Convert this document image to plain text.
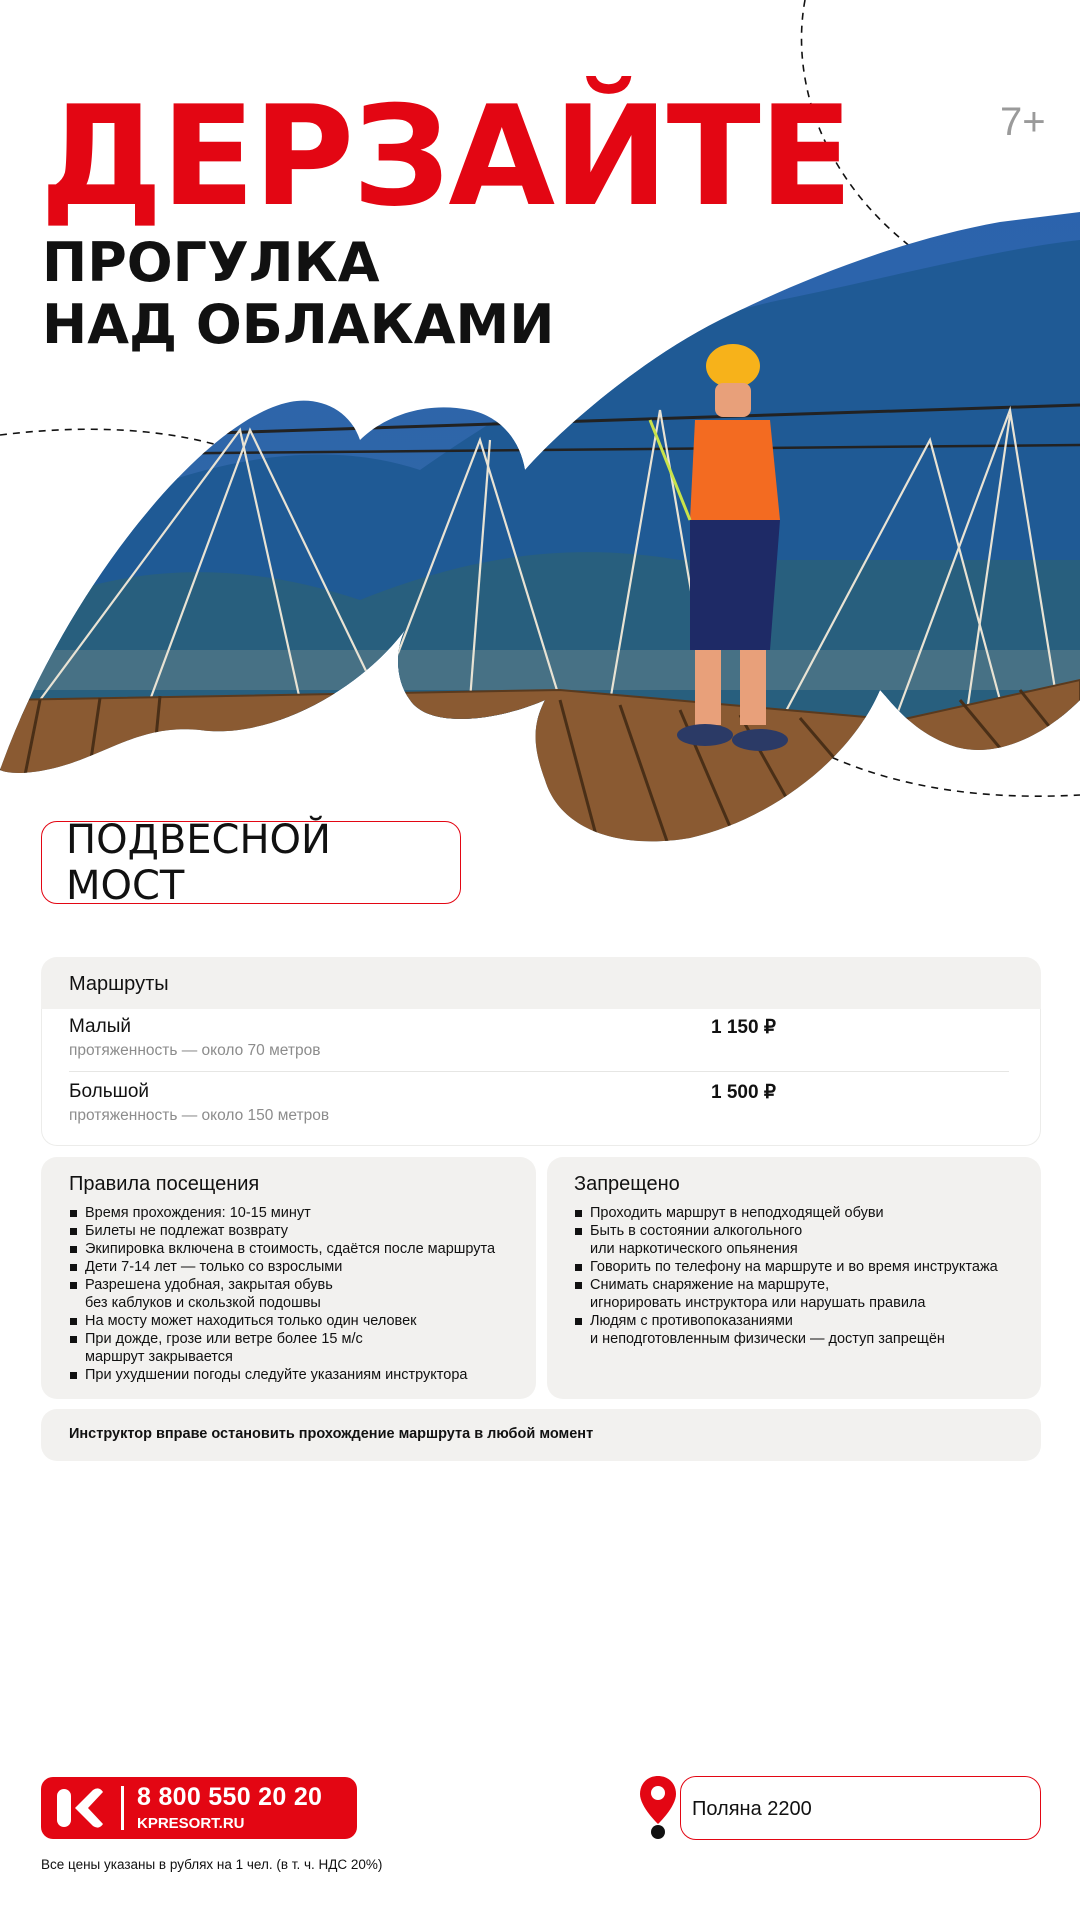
ДЕРЗАЙТЕ
ПРОГУЛКА
НАД ОБЛАКАМИ
7+
ПОДВЕСНОЙ МОСТ
Маршруты
Малый
протяженность — около 70 метров
1 150 ₽
Большой
протяженность — около 150 метров
1 500 ₽
Правила посещения
Время прохождения: 10-15 минут
Билеты не подлежат возврату
Экипировка включена в стоимость, сдаётся после маршрута
Дети 7-14 лет — только со взрослыми
Разрешена удобная, закрытая обувь
без каблуков и скользкой подошвы
На мосту может находиться только один человек
При дожде, грозе или ветре более 15 м/с
маршрут закрывается
При ухудшении погоды следуйте указаниям инструктора
Запрещено
Проходить маршрут в неподходящей обуви
Быть в состоянии алкогольного
или наркотического опьянения
Говорить по телефону на маршруте и во время инструктажа
Снимать снаряжение на маршруте,
игнорировать инструктора или нарушать правила
Людям с противопоказаниями
и неподготовленным физически — доступ запрещён
Инструктор вправе остановить прохождение маршрута в любой момент
8 800 550 20 20
KPRESORT.RU
Поляна 2200
Все цены указаны в рублях на 1 чел. (в т. ч. НДС 20%)
